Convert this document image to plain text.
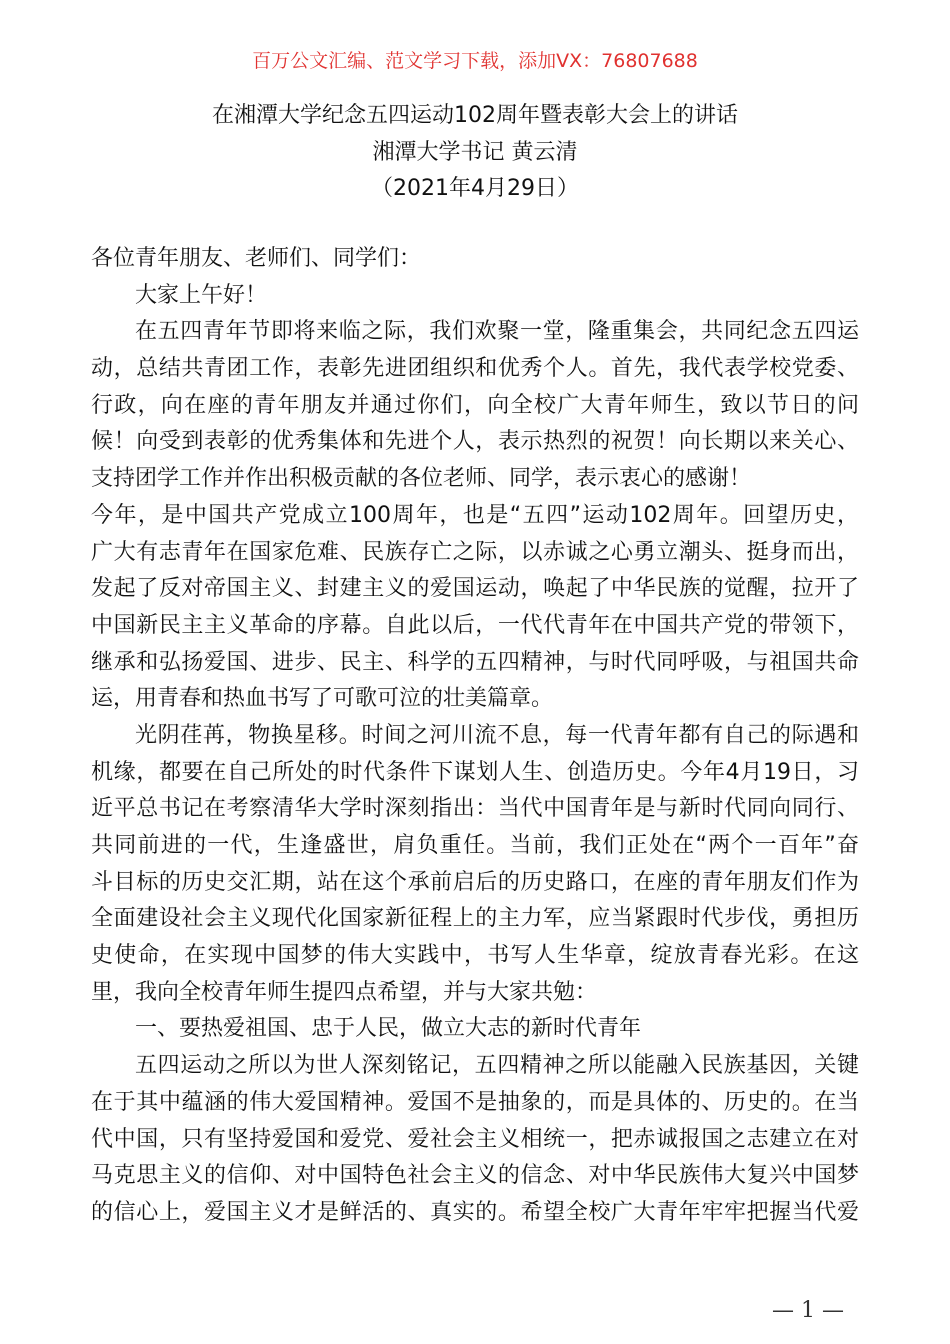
百万公文汇编、范文学习下载，添加VX：76807688
在湘潭大学纪念五四运动102周年暨表彰大会上的讲话
湘潭大学书记 黄云清
（2021年4月29日）
各位青年朋友、老师们、同学们：
大家上午好！
在五四青年节即将来临之际，我们欢聚一堂，隆重集会，共同纪念五四运
动，总结共青团工作，表彰先进团组织和优秀个人。首先，我代表学校党委、
行政，向在座的青年朋友并通过你们，向全校广大青年师生，致以节日的问
候！向受到表彰的优秀集体和先进个人，表示热烈的祝贺！向长期以来关心、
支持团学工作并作出积极贡献的各位老师、同学，表示衷心的感谢！
今年，是中国共产党成立100周年，也是“五四”运动102周年。回望历史，
广大有志青年在国家危难、民族存亡之际，以赤诚之心勇立潮头、挺身而出，
发起了反对帝国主义、封建主义的爱国运动，唤起了中华民族的觉醒，拉开了
中国新民主主义革命的序幕。自此以后，一代代青年在中国共产党的带领下，
继承和弘扬爱国、进步、民主、科学的五四精神，与时代同呼吸，与祖国共命
运，用青春和热血书写了可歌可泣的壮美篇章。
光阴荏苒，物换星移。时间之河川流不息，每一代青年都有自己的际遇和
机缘，都要在自己所处的时代条件下谋划人生、创造历史。今年4月19日，习
近平总书记在考察清华大学时深刻指出：当代中国青年是与新时代同向同行、
共同前进的一代，生逢盛世，肩负重任。当前，我们正处在“两个一百年”奋
斗目标的历史交汇期，站在这个承前启后的历史路口，在座的青年朋友们作为
全面建设社会主义现代化国家新征程上的主力军，应当紧跟时代步伐，勇担历
史使命，在实现中国梦的伟大实践中，书写人生华章，绽放青春光彩。在这
里，我向全校青年师生提四点希望，并与大家共勉：
一、要热爱祖国、忠于人民，做立大志的新时代青年
五四运动之所以为世人深刻铭记，五四精神之所以能融入民族基因，关键
在于其中蕴涵的伟大爱国精神。爱国不是抽象的，而是具体的、历史的。在当
代中国，只有坚持爱国和爱党、爱社会主义相统一，把赤诚报国之志建立在对
马克思主义的信仰、对中国特色社会主义的信念、对中华民族伟大复兴中国梦
的信心上，爱国主义才是鲜活的、真实的。希望全校广大青年牢牢把握当代爱
— 1 —
